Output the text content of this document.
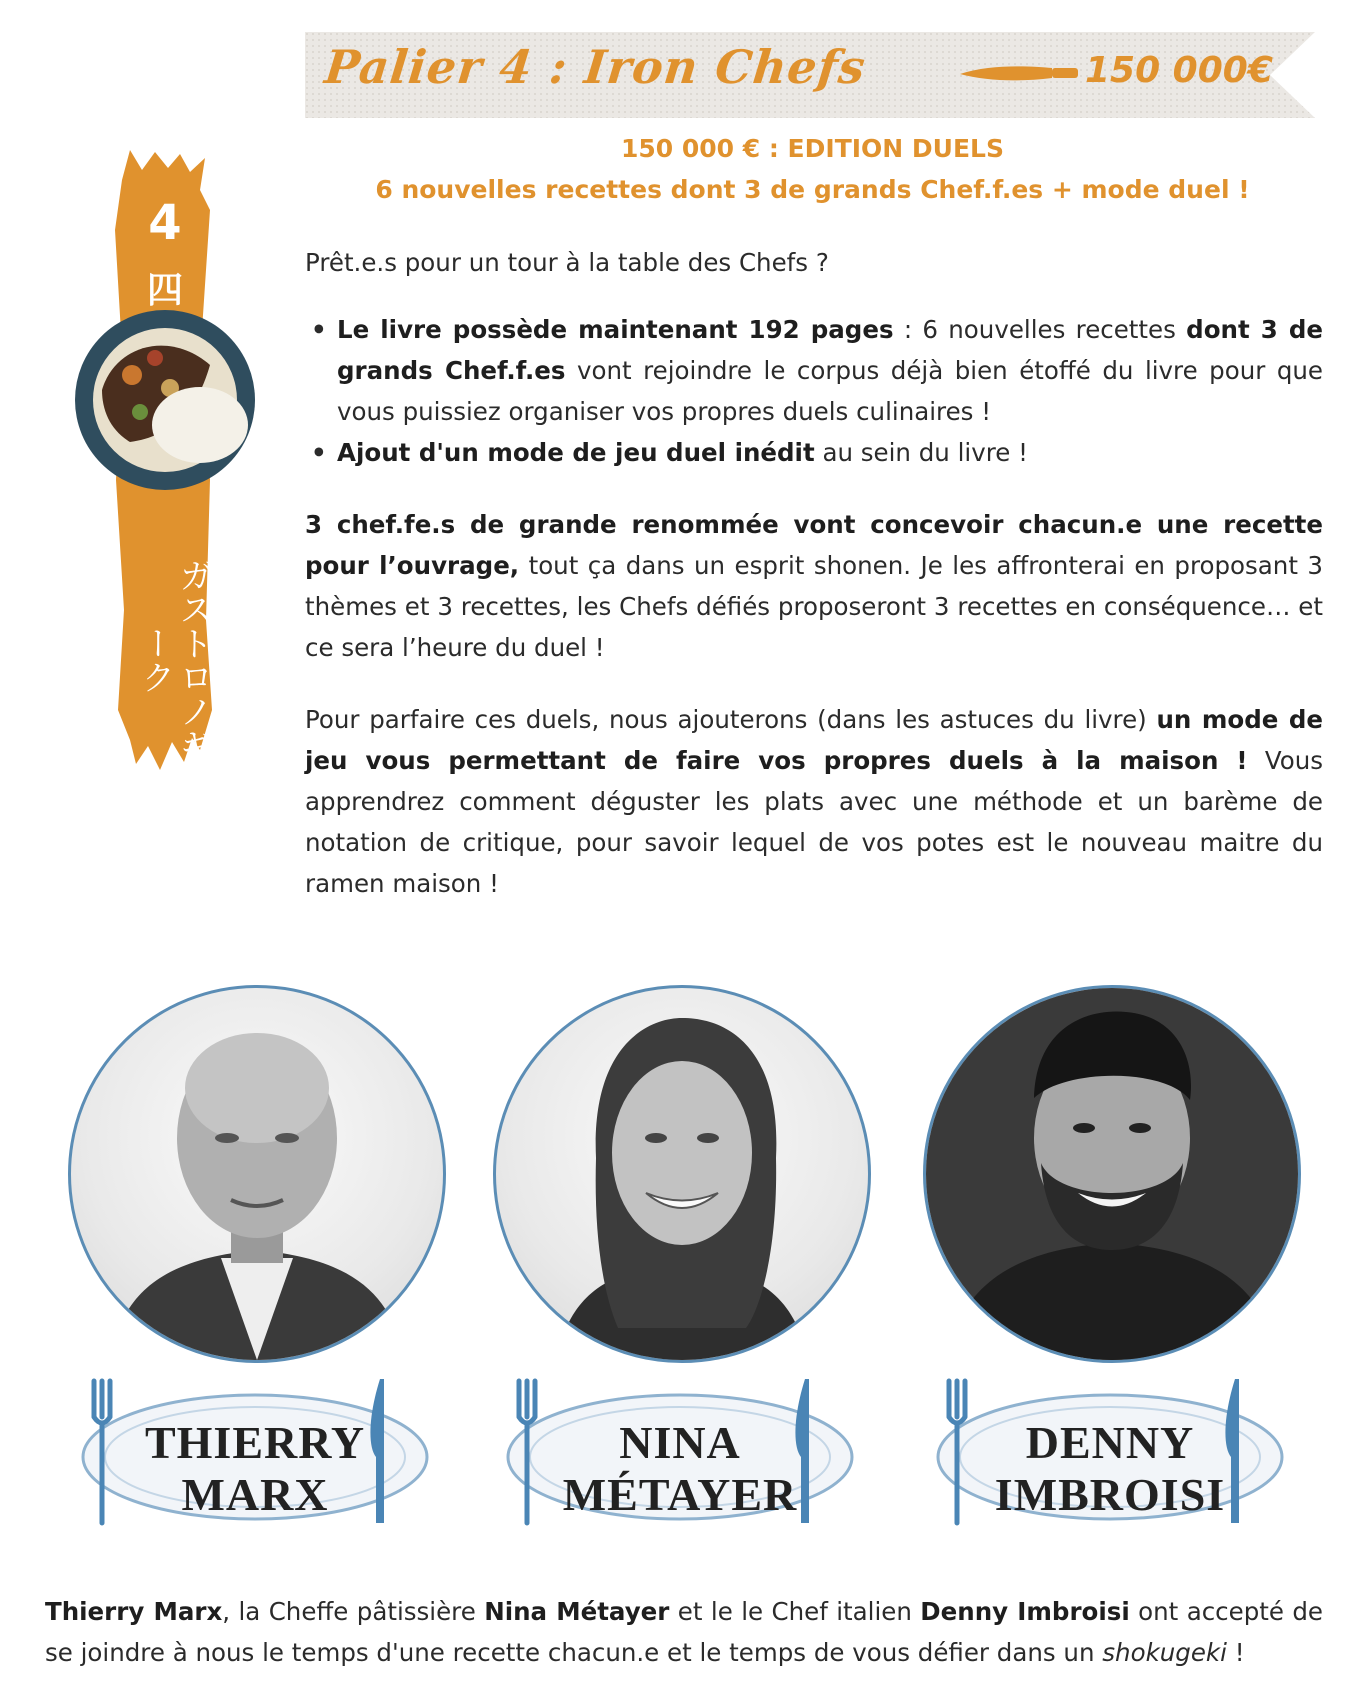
Palier 4 : Iron Chefs	150 000€
4
四
ガストロノギーク
150 000 € : EDITION DUELS
6 nouvelles recettes dont 3 de grands Chef.f.es + mode duel !

Prêt.e.s pour un tour à la table des Chefs ?

• Le livre possède maintenant 192 pages : 6 nouvelles recettes dont 3 de grands Chef.f.es vont rejoindre le corpus déjà bien étoffé du livre pour que vous puissiez organiser vos propres duels culinaires !
• Ajout d'un mode de jeu duel inédit au sein du livre !

3 chef.fe.s de grande renommée vont concevoir chacun.e une recette pour l’ouvrage, tout ça dans un esprit shonen. Je les affronterai en proposant 3 thèmes et 3 recettes, les Chefs défiés proposeront 3 recettes en conséquence… et ce sera l’heure du duel !

Pour parfaire ces duels, nous ajouterons (dans les astuces du livre) un mode de jeu vous permettant de faire vos propres duels à la maison ! Vous apprendrez comment déguster les plats avec une méthode et un barème de notation de critique, pour savoir lequel de vos potes est le nouveau maitre du ramen maison !

THIERRY
MARX
NINA
MÉTAYER
DENNY
IMBROISI

Thierry Marx, la Cheffe pâtissière Nina Métayer et le le Chef italien Denny Imbroisi ont accepté de se joindre à nous le temps d'une recette chacun.e et le temps de vous défier dans un shokugeki !
